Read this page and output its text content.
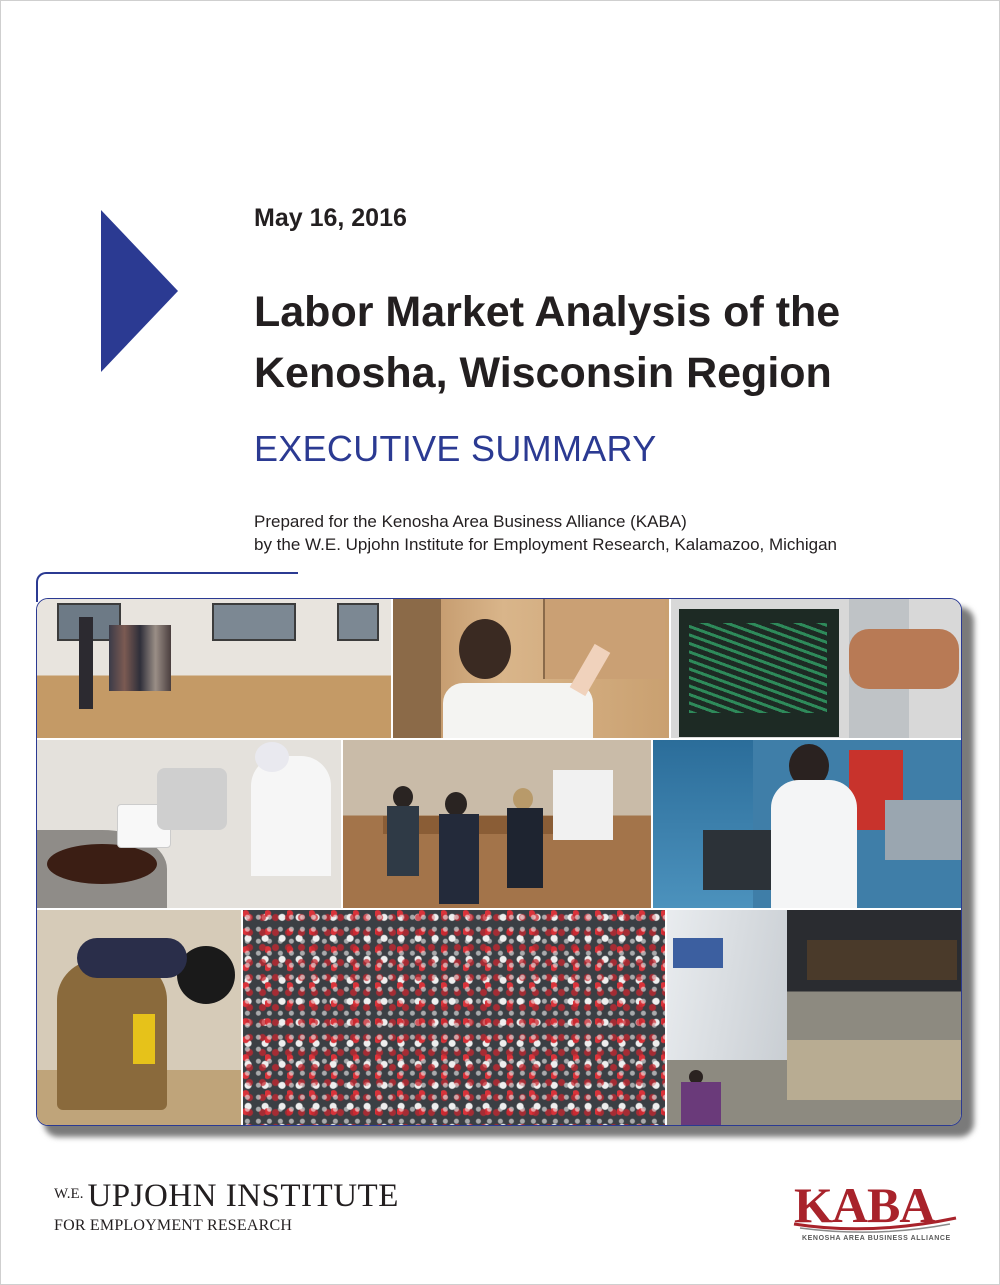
May 16, 2016
Labor Market Analysis of the
Kenosha, Wisconsin Region
EXECUTIVE SUMMARY
Prepared for the Kenosha Area Business Alliance (KABA)
by the W.E. Upjohn Institute for Employment Research, Kalamazoo, Michigan
W.E. UPJOHN INSTITUTE
FOR EMPLOYMENT RESEARCH	KABA
KENOSHA AREA BUSINESS ALLIANCE
